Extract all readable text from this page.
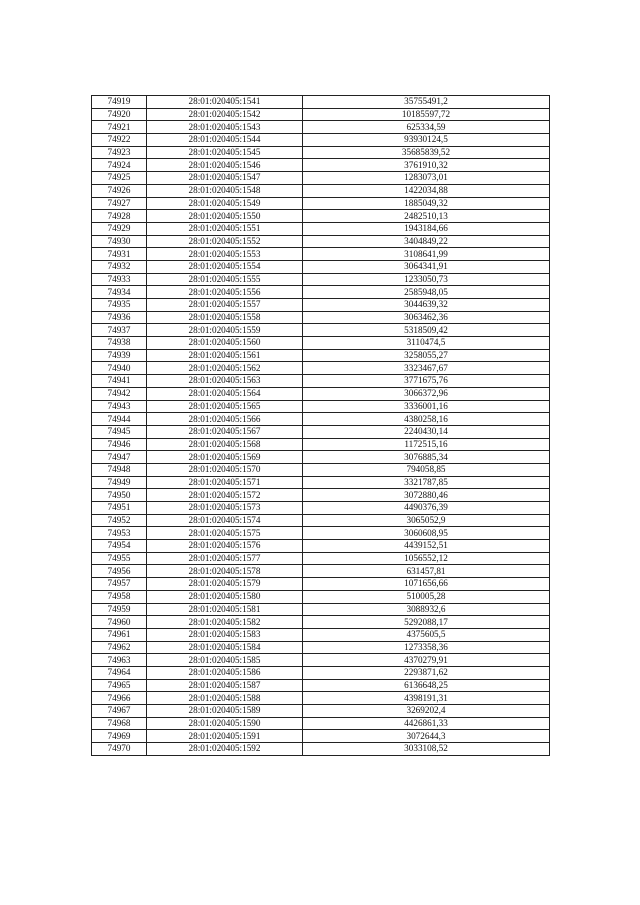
74919	28:01:020405:1541	35755491,2
74920	28:01:020405:1542	10185597,72
74921	28:01:020405:1543	625334,59
74922	28:01:020405:1544	93930124,5
74923	28:01:020405:1545	35685839,52
74924	28:01:020405:1546	3761910,32
74925	28:01:020405:1547	1283073,01
74926	28:01:020405:1548	1422034,88
74927	28:01:020405:1549	1885049,32
74928	28:01:020405:1550	2482510,13
74929	28:01:020405:1551	1943184,66
74930	28:01:020405:1552	3404849,22
74931	28:01:020405:1553	3108641,99
74932	28:01:020405:1554	3064341,91
74933	28:01:020405:1555	1233050,73
74934	28:01:020405:1556	2585948,05
74935	28:01:020405:1557	3044639,32
74936	28:01:020405:1558	3063462,36
74937	28:01:020405:1559	5318509,42
74938	28:01:020405:1560	3110474,5
74939	28:01:020405:1561	3258055,27
74940	28:01:020405:1562	3323467,67
74941	28:01:020405:1563	3771675,76
74942	28:01:020405:1564	3066372,96
74943	28:01:020405:1565	3336001,16
74944	28:01:020405:1566	4380258,16
74945	28:01:020405:1567	2240430,14
74946	28:01:020405:1568	1172515,16
74947	28:01:020405:1569	3076885,34
74948	28:01:020405:1570	794058,85
74949	28:01:020405:1571	3321787,85
74950	28:01:020405:1572	3072880,46
74951	28:01:020405:1573	4490376,39
74952	28:01:020405:1574	3065052,9
74953	28:01:020405:1575	3060608,95
74954	28:01:020405:1576	4439152,51
74955	28:01:020405:1577	1056552,12
74956	28:01:020405:1578	631457,81
74957	28:01:020405:1579	1071656,66
74958	28:01:020405:1580	510005,28
74959	28:01:020405:1581	3088932,6
74960	28:01:020405:1582	5292088,17
74961	28:01:020405:1583	4375605,5
74962	28:01:020405:1584	1273358,36
74963	28:01:020405:1585	4370279,91
74964	28:01:020405:1586	2293871,62
74965	28:01:020405:1587	6136648,25
74966	28:01:020405:1588	4398191,31
74967	28:01:020405:1589	3269202,4
74968	28:01:020405:1590	4426861,33
74969	28:01:020405:1591	3072644,3
74970	28:01:020405:1592	3033108,52
